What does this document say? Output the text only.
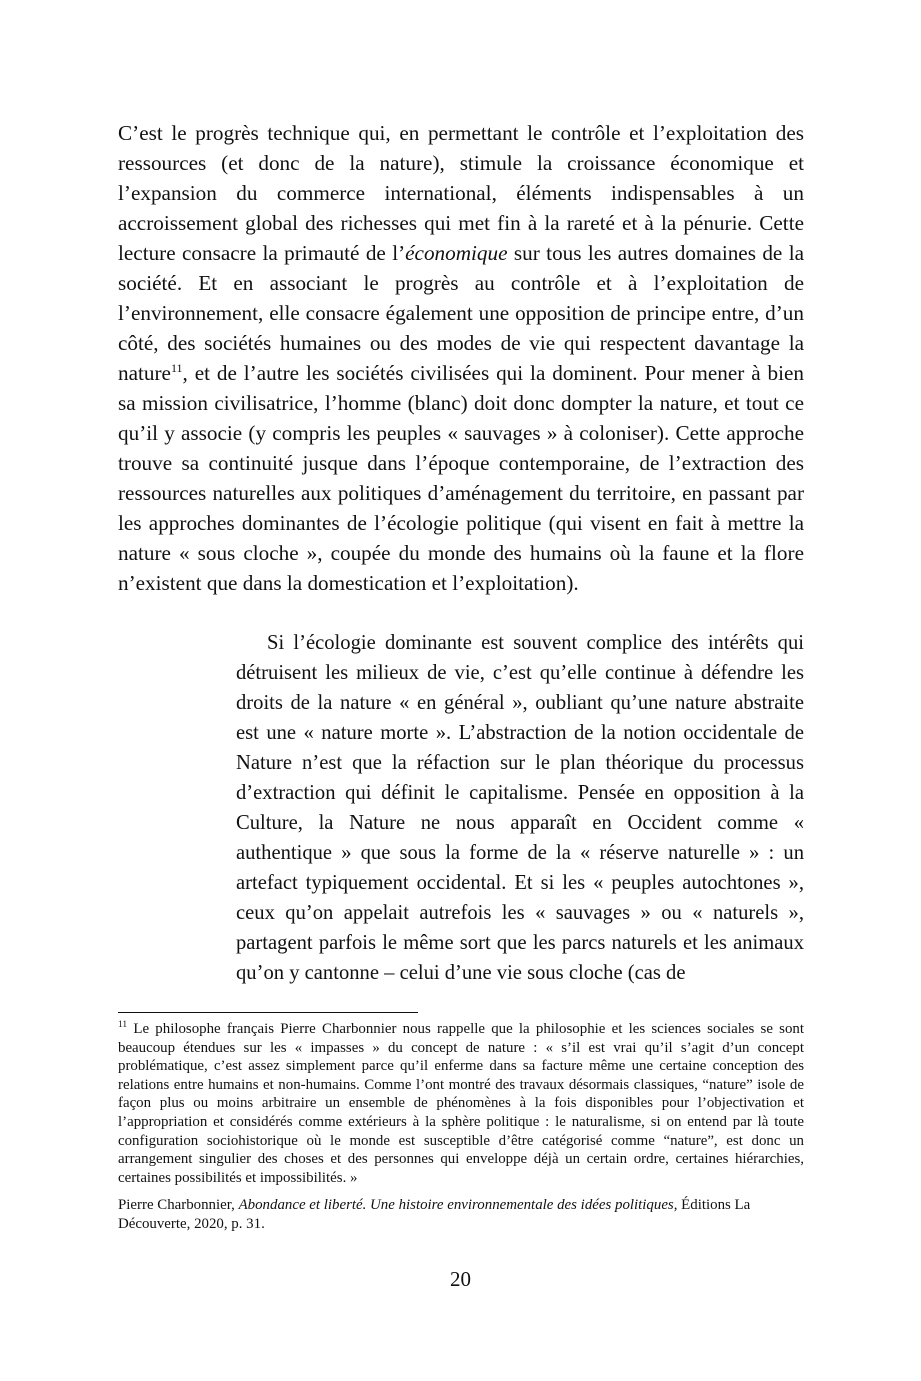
C’est le progrès technique qui, en permettant le contrôle et l’exploitation des ressources (et donc de la nature), stimule la croissance économique et l’expansion du commerce international, éléments indispensables à un accroissement global des richesses qui met fin à la rareté et à la pénurie. Cette lecture consacre la primauté de l’économique sur tous les autres domaines de la société. Et en associant le progrès au contrôle et à l’exploitation de l’environnement, elle consacre également une opposition de principe entre, d’un côté, des sociétés humaines ou des modes de vie qui respectent davantage la nature$^{11}$, et de l’autre les sociétés civilisées qui la dominent. Pour mener à bien sa mission civilisatrice, l’homme (blanc) doit donc dompter la nature, et tout ce qu’il y associe (y compris les peuples « sauvages » à coloniser). Cette approche trouve sa continuité jusque dans l’époque contemporaine, de l’extraction des ressources naturelles aux politiques d’aménagement du territoire, en passant par les approches dominantes de l’écologie politique (qui visent en fait à mettre la nature « sous cloche », coupée du monde des humains où la faune et la flore n’existent que dans la domestication et l’exploitation).

Si l’écologie dominante est souvent complice des intérêts qui détruisent les milieux de vie, c’est qu’elle continue à défendre les droits de la nature « en général », oubliant qu’une nature abstraite est une « nature morte ». L’abstraction de la notion occidentale de Nature n’est que la réfaction sur le plan théorique du processus d’extraction qui définit le capitalisme. Pensée en opposition à la Culture, la Nature ne nous apparaît en Occident comme « authentique » que sous la forme de la « réserve naturelle » : un artefact typiquement occidental. Et si les « peuples autochtones », ceux qu’on appelait autrefois les « sauvages » ou « naturels », partagent parfois le même sort que les parcs naturels et les animaux qu’on y cantonne – celui d’une vie sous cloche (cas de

$^{11}$ Le philosophe français Pierre Charbonnier nous rappelle que la philosophie et les sciences sociales se sont beaucoup étendues sur les « impasses » du concept de nature : « s’il est vrai qu’il s’agit d’un concept problématique, c’est assez simplement parce qu’il enferme dans sa facture même une certaine conception des relations entre humains et non-humains. Comme l’ont montré des travaux désormais classiques, “nature” isole de façon plus ou moins arbitraire un ensemble de phénomènes à la fois disponibles pour l’objectivation et l’appropriation et considérés comme extérieurs à la sphère politique : le naturalisme, si on entend par là toute configuration sociohistorique où le monde est susceptible d’être catégorisé comme “nature”, est donc un arrangement singulier des choses et des personnes qui enveloppe déjà un certain ordre, certaines hiérarchies, certaines possibilités et impossibilités. »

Pierre Charbonnier, Abondance et liberté. Une histoire environnementale des idées politiques, Éditions La Découverte, 2020, p. 31.

20
